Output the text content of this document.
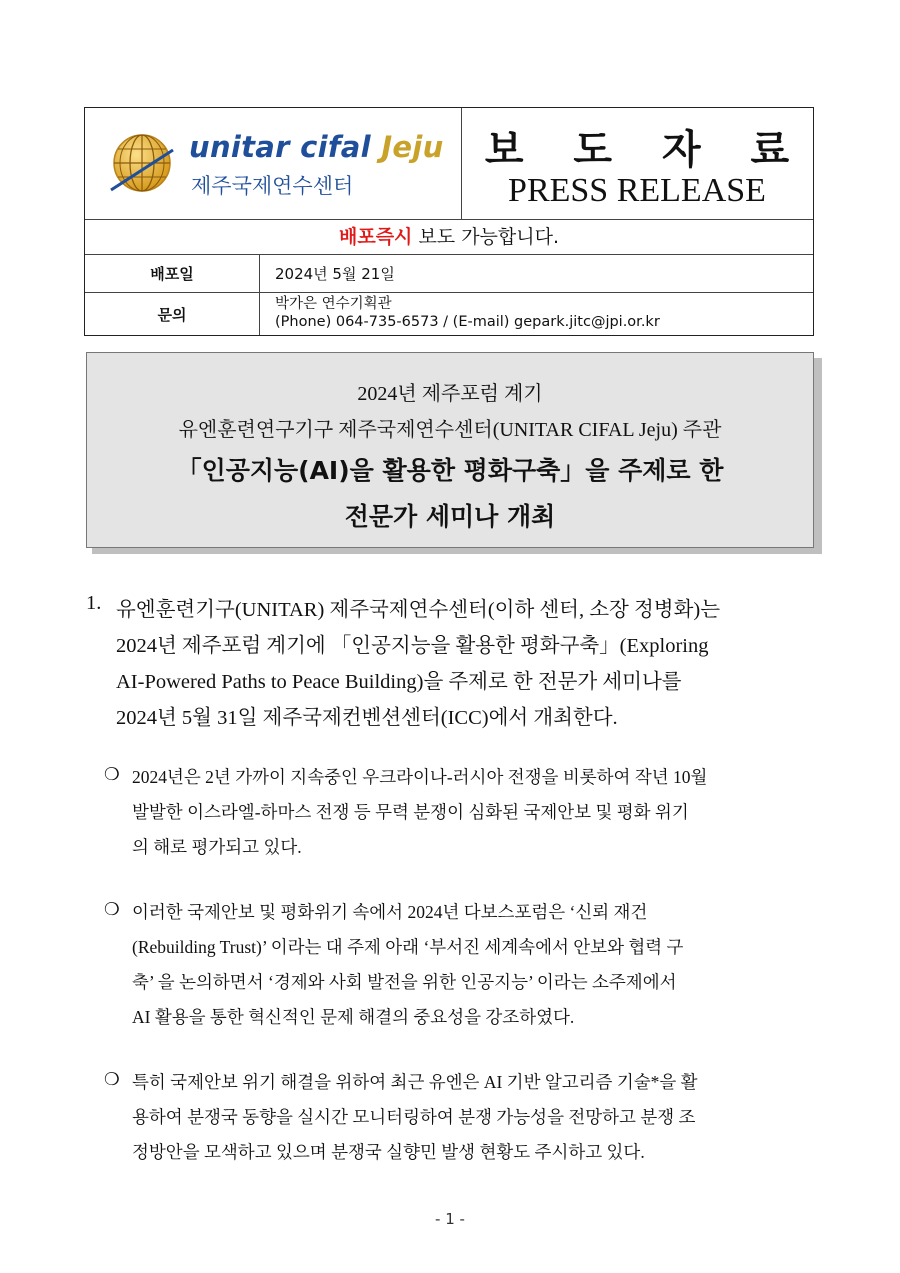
unitar cifal Jeju
제주국제연수센터
보 도 자 료
PRESS RELEASE
배포즉시 보도 가능합니다.
배포일	2024년 5월 21일
문의
박가은 연수기획관
(Phone) 064-735-6573 / (E-mail) gepark.jitc@jpi.or.kr
2024년 제주포럼 계기
유엔훈련연구기구 제주국제연수센터(UNITAR CIFAL Jeju) 주관
「인공지능(AI)을 활용한 평화구축」을 주제로 한
전문가 세미나 개최
1. 유엔훈련기구(UNITAR) 제주국제연수센터(이하 센터, 소장 정병화)는
2024년 제주포럼 계기에 「인공지능을 활용한 평화구축」(Exploring
AI-Powered Paths to Peace Building)을 주제로 한 전문가 세미나를
2024년 5월 31일 제주국제컨벤션센터(ICC)에서 개최한다.
❍ 2024년은 2년 가까이 지속중인 우크라이나-러시아 전쟁을 비롯하여 작년 10월
발발한 이스라엘-하마스 전쟁 등 무력 분쟁이 심화된 국제안보 및 평화 위기
의 해로 평가되고 있다.
❍ 이러한 국제안보 및 평화위기 속에서 2024년 다보스포럼은 ‘신뢰 재건
(Rebuilding Trust)’ 이라는 대 주제 아래 ‘부서진 세계속에서 안보와 협력 구
축’ 을 논의하면서 ‘경제와 사회 발전을 위한 인공지능’ 이라는 소주제에서
AI 활용을 통한 혁신적인 문제 해결의 중요성을 강조하였다.
❍ 특히 국제안보 위기 해결을 위하여 최근 유엔은 AI 기반 알고리즘 기술*을 활
용하여 분쟁국 동향을 실시간 모니터링하여 분쟁 가능성을 전망하고 분쟁 조
정방안을 모색하고 있으며 분쟁국 실향민 발생 현황도 주시하고 있다.
- 1 -
